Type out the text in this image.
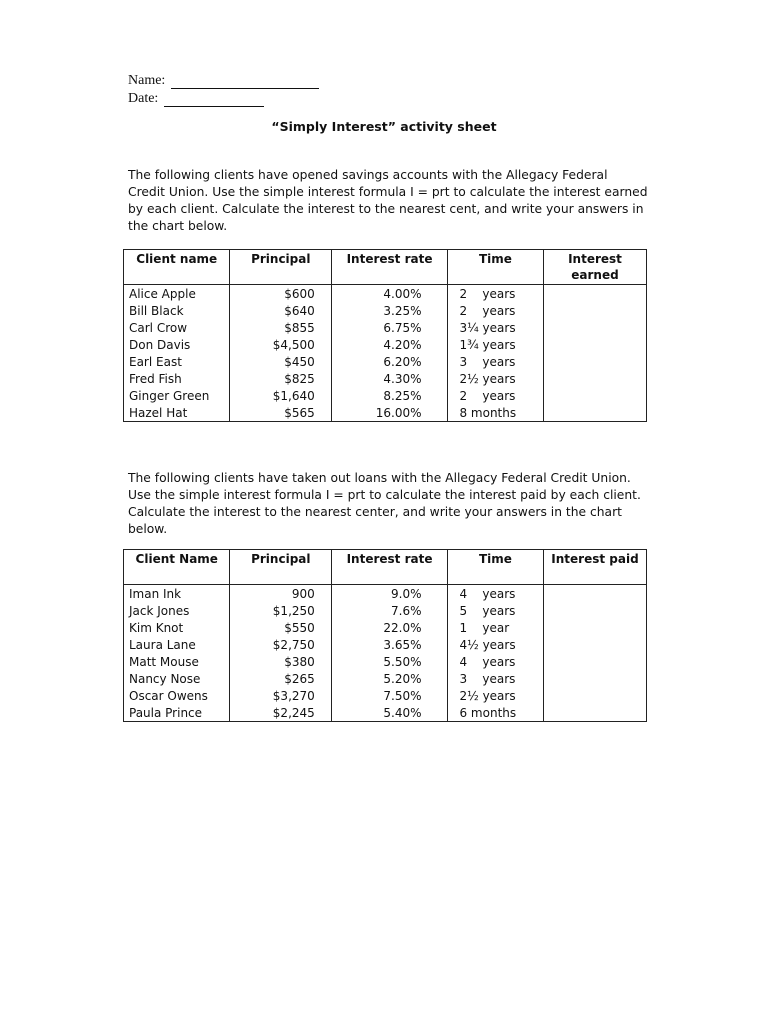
Name:
Date:
“Simply Interest” activity sheet

The following clients have opened savings accounts with the Allegacy Federal Credit Union. Use the simple interest formula I = prt to calculate the interest earned by each client. Calculate the interest to the nearest cent, and write your answers in the chart below.

Client name	Principal	Interest rate	Time	Interest earned
Alice Apple	$600	4.00%	2    years	
Bill Black	$640	3.25%	2    years	
Carl Crow	$855	6.75%	3¼ years	
Don Davis	$4,500	4.20%	1¾ years	
Earl East	$450	6.20%	3    years	
Fred Fish	$825	4.30%	2½ years	
Ginger Green	$1,640	8.25%	2    years	
Hazel Hat	$565	16.00%	8 months	

The following clients have taken out loans with the Allegacy Federal Credit Union. Use the simple interest formula I = prt to calculate the interest paid by each client. Calculate the interest to the nearest center, and write your answers in the chart below.

Client Name	Principal	Interest rate	Time	Interest paid
Iman Ink	900	9.0%	4    years	
Jack Jones	$1,250	7.6%	5    years	
Kim Knot	$550	22.0%	1    year	
Laura Lane	$2,750	3.65%	4½ years	
Matt Mouse	$380	5.50%	4    years	
Nancy Nose	$265	5.20%	3    years	
Oscar Owens	$3,270	7.50%	2½ years	
Paula Prince	$2,245	5.40%	6 months	
